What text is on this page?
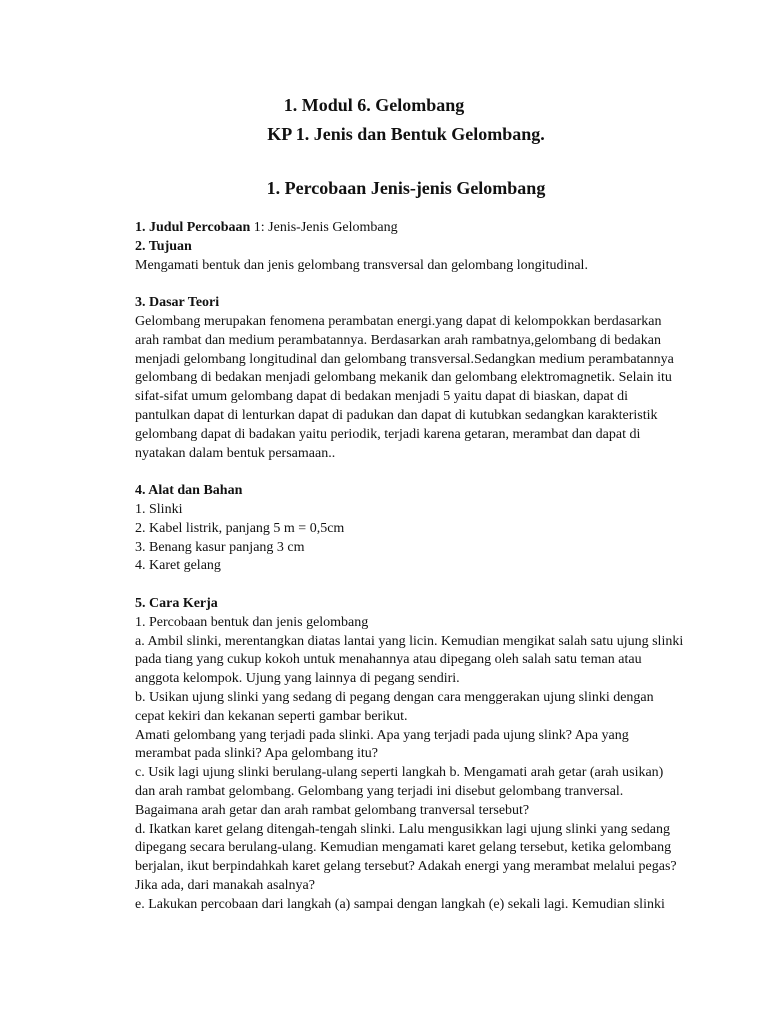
1. Modul 6. Gelombang
KP 1. Jenis dan Bentuk Gelombang.
1. Percobaan Jenis-jenis Gelombang

1. Judul Percobaan 1: Jenis-Jenis Gelombang

2. Tujuan

Mengamati bentuk dan jenis gelombang transversal dan gelombang longitudinal.

3. Dasar Teori

Gelombang merupakan fenomena perambatan energi.yang dapat di kelompokkan berdasarkan

arah rambat dan medium perambatannya. Berdasarkan arah rambatnya,gelombang di bedakan

menjadi gelombang longitudinal dan gelombang transversal.Sedangkan medium perambatannya

gelombang di bedakan menjadi gelombang mekanik dan gelombang elektromagnetik. Selain itu

sifat-sifat umum gelombang dapat di bedakan menjadi 5 yaitu dapat di biaskan, dapat di

pantulkan dapat di lenturkan dapat di padukan dan dapat di kutubkan sedangkan karakteristik

gelombang dapat di badakan yaitu periodik, terjadi karena getaran, merambat dan dapat di

nyatakan dalam bentuk persamaan..

4. Alat dan Bahan

1. Slinki

2. Kabel listrik, panjang 5 m = 0,5cm

3. Benang kasur panjang 3 cm

4. Karet gelang

5. Cara Kerja

1. Percobaan bentuk dan jenis gelombang

a. Ambil slinki, merentangkan diatas lantai yang licin. Kemudian mengikat salah satu ujung slinki

pada tiang yang cukup kokoh untuk menahannya atau dipegang oleh salah satu teman atau

anggota kelompok. Ujung yang lainnya di pegang sendiri.

b. Usikan ujung slinki yang sedang di pegang dengan cara menggerakan ujung slinki dengan

cepat kekiri dan kekanan seperti gambar berikut.

Amati gelombang yang terjadi pada slinki. Apa yang terjadi pada ujung slink? Apa yang

merambat pada slinki? Apa gelombang itu?

c. Usik lagi ujung slinki berulang-ulang seperti langkah b. Mengamati arah getar (arah usikan)

dan arah rambat gelombang. Gelombang yang terjadi ini disebut gelombang tranversal.

Bagaimana arah getar dan arah rambat gelombang tranversal tersebut?

d. Ikatkan karet gelang ditengah-tengah slinki. Lalu mengusikkan lagi ujung slinki yang sedang

dipegang secara berulang-ulang. Kemudian mengamati karet gelang tersebut, ketika gelombang

berjalan, ikut berpindahkah karet gelang tersebut? Adakah energi yang merambat melalui pegas?

Jika ada, dari manakah asalnya?

e. Lakukan percobaan dari langkah (a) sampai dengan langkah (e) sekali lagi. Kemudian slinki
